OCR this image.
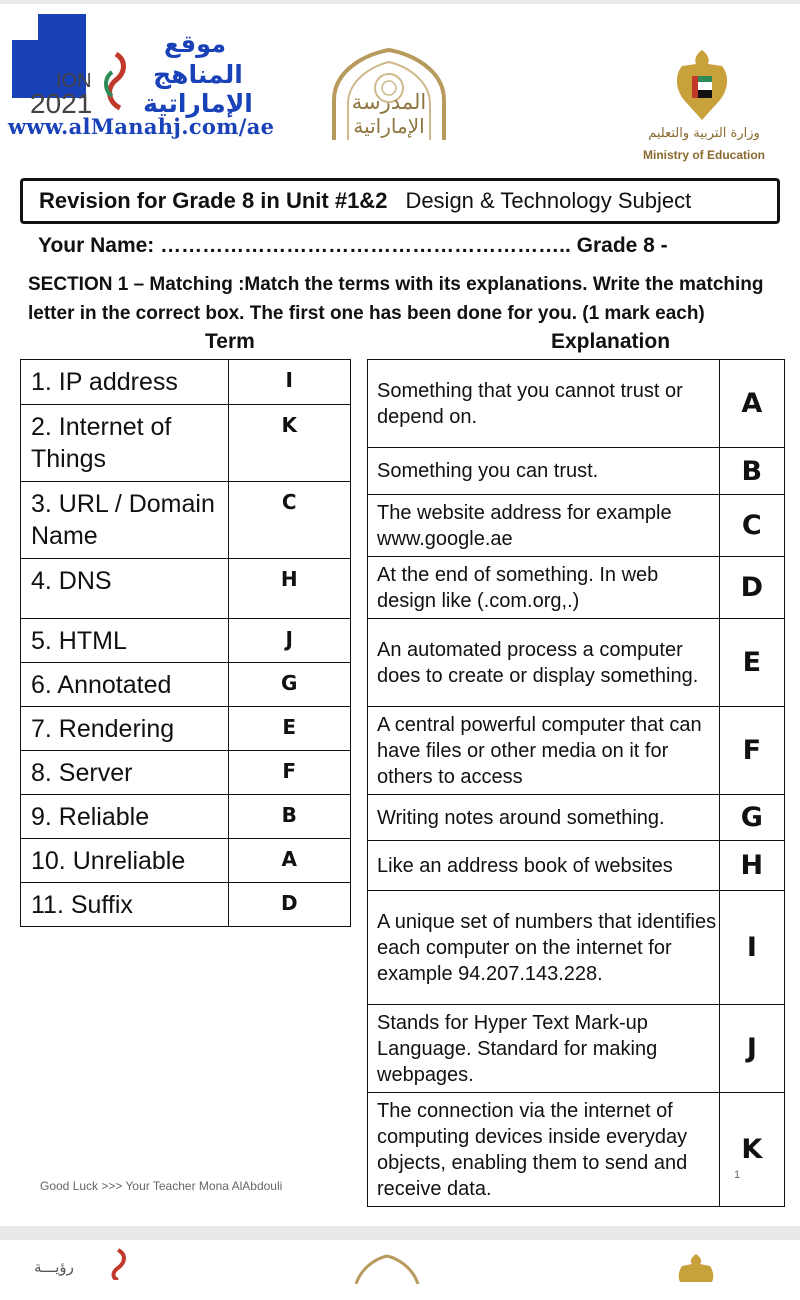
موقع
المناهج الإماراتية
ION
2021
www.alManahj.com/ae
المدرسة
الإماراتية	وزارة التربية والتعليم
Ministry of Education
Revision for Grade 8 in Unit #1&2 Design & Technology Subject
Your Name: ………………………………………………….. Grade 8 -
SECTION 1 – Matching :Match the terms with its explanations. Write the matching letter in the correct box. The first one has been done for you. (1 mark each)
Term	Explanation
1. IP address	I
2. Internet of Things	K
3. URL / Domain Name	C
4. DNS	H
5. HTML	J
6. Annotated	G
7. Rendering	E
8. Server	F
9. Reliable	B
10. Unreliable	A
11. Suffix	D
Something that you cannot trust or depend on.	A
Something you can trust.	B
The website address for example www.google.ae	C
At the end of something. In web design like (.com.org,.)	D
An automated process a computer does to create or display something.	E
A central powerful computer that can have files or other media on it for others to access	F
Writing notes around something.	G
Like an address book of websites	H
A unique set of numbers that identifies each computer on the internet for example 94.207.143.228.	I
Stands for Hyper Text Mark-up Language. Standard for making webpages.	J
The connection via the internet of computing devices inside everyday objects, enabling them to send and receive data.	K
Good Luck >>> Your Teacher Mona AlAbdouli
1
رؤيـــة
